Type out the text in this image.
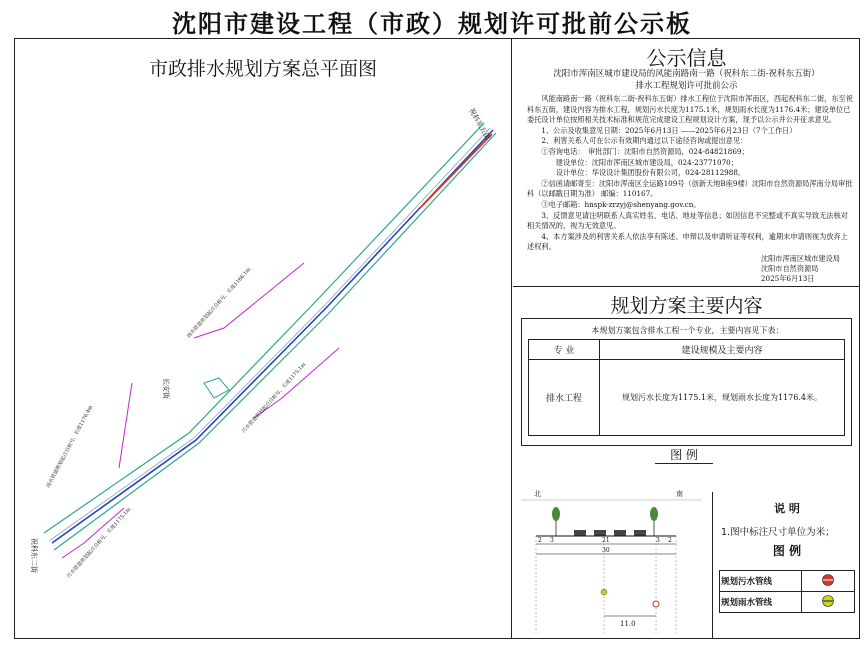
沈阳市建设工程（市政）规划许可批前公示板
市政排水规划方案总平面图
祝科东五街
长安街
祝科东二街
雨水管道规划起点自桩号，长度1166.1m
雨水管道规划起点自桩号，长度1176.4m
污水管道规划起点自桩号，长度1175.1m
污水管道规划起点自桩号，长度1175.1m
公示信息
沈阳市浑南区城市建设局的风能南路南一路（祝科东二街-祝科东五街）
排水工程规划许可批前公示

风能南路南一路（祝科东二街-祝科东五街）排水工程位于沈阳市浑南区，西起祝科东二街，东至祝科东五街，建设内容为排水工程，规划污水长度为1175.1米，规划雨水长度为1176.4米；建设单位已委托设计单位按照相关技术标准和规范完成建设工程规划设计方案，现予以公示并公开征求意见。

1、公示及收集意见日期：2025年6月13日 ——2025年6月23日（7个工作日）

2、利害关系人可在公示有效期内通过以下途径咨询或提出意见：

①咨询电话：　审批部门：沈阳市自然资源局，024-84821869；

建设单位：沈阳市浑南区城市建设局，024-23771070；

设计单位：华设设计集团股份有限公司，024-28112988。

②信函请邮寄至：沈阳市浑南区全运路109号（创新天地B座9楼）沈阳市自然资源局浑南分局审批科（以邮戳日期为准） 邮编：110167。

③电子邮箱：hnspk-zrzyj@shenyang.gov.cn。

3、反馈意见请注明联系人真实姓名、电话、地址等信息；如因信息不完整或不真实导致无法核对相关情况的，视为无效意见。

4、本方案涉及的利害关系人依法享有陈述、申辩以及申请听证等权利，逾期未申请则视为放弃上述权利。

沈阳市浑南区城市建设局
沈阳市自然资源局
2025年6月13日
规划方案主要内容
本规划方案包含排水工程一个专业，主要内容见下表：
专 业	建设规模及主要内容
排水工程	规划污水长度为1175.1米，规划雨水长度为1176.4米。
图 例
北	南
2 3	21	3 2
30
11.0
说 明
1.图中标注尺寸单位为米；
图 例
规划污水管线	
规划雨水管线	
